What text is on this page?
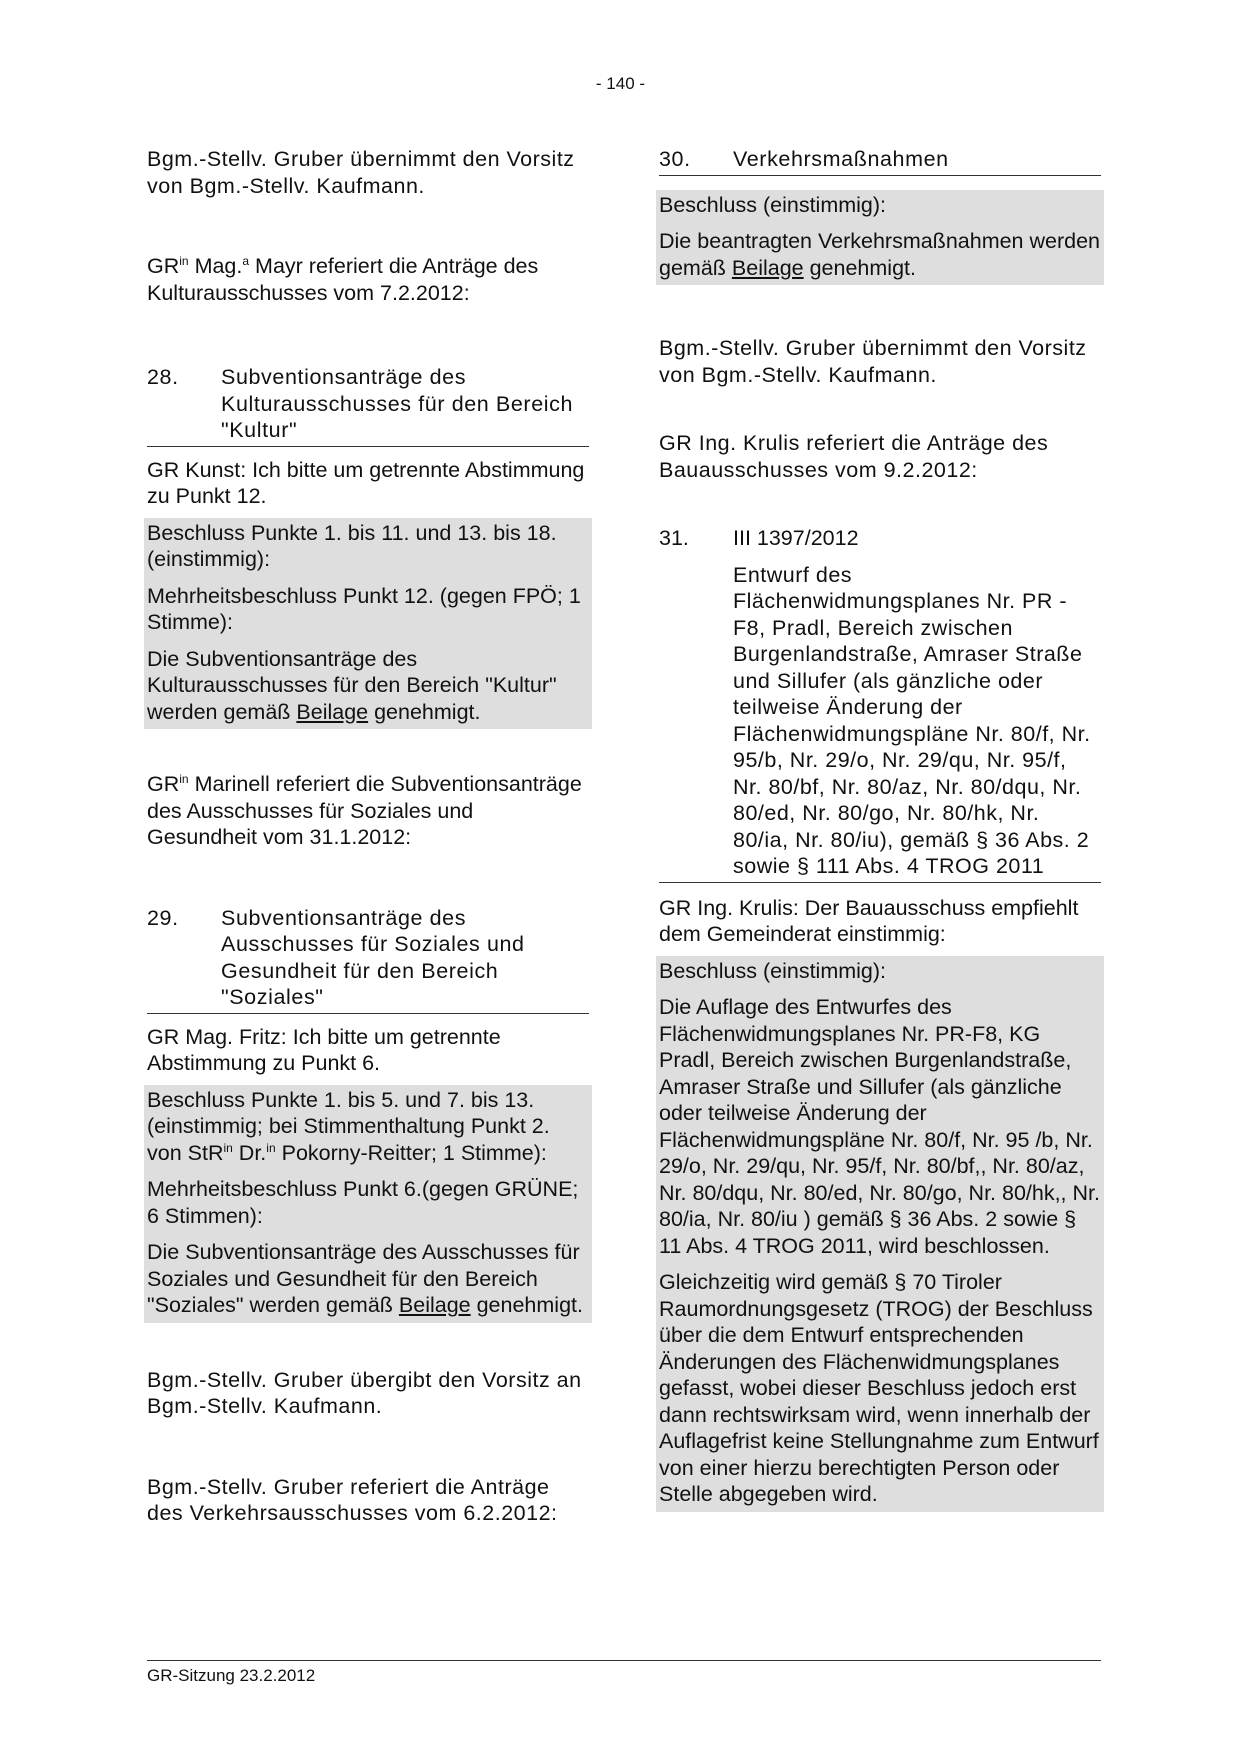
- 140 -

Bgm.-Stellv. Gruber übernimmt den Vorsitz von Bgm.-Stellv. Kaufmann.

$GR^{in}$ Mag.$^a$ Mayr referiert die Anträge des Kulturausschusses vom 7.2.2012:

28.	Subventionsanträge des Kulturausschusses für den Bereich "Kultur"

GR Kunst: Ich bitte um getrennte Abstimmung zu Punkt 12.

Beschluss Punkte 1. bis 11. und 13. bis 18. (einstimmig):

Mehrheitsbeschluss Punkt 12. (gegen FPÖ; 1 Stimme):

Die Subventionsanträge des Kulturausschusses für den Bereich "Kultur" werden gemäß Beilage genehmigt.

$GR^{in}$ Marinell referiert die Subventionsanträge des Ausschusses für Soziales und Gesundheit vom 31.1.2012:

29.	Subventionsanträge des Ausschusses für Soziales und Gesundheit für den Bereich "Soziales"

GR Mag. Fritz: Ich bitte um getrennte Abstimmung zu Punkt 6.

Beschluss Punkte 1. bis 5. und 7. bis 13. (einstimmig; bei Stimmenthaltung Punkt 2. von StR$^{in}$ Dr.$^{in}$ Pokorny-Reitter; 1 Stimme):

Mehrheitsbeschluss Punkt 6.(gegen GRÜNE; 6 Stimmen):

Die Subventionsanträge des Ausschusses für Soziales und Gesundheit für den Bereich "Soziales" werden gemäß Beilage genehmigt.

Bgm.-Stellv. Gruber übergibt den Vorsitz an Bgm.-Stellv. Kaufmann.

Bgm.-Stellv. Gruber referiert die Anträge des Verkehrsausschusses vom 6.2.2012:

30.	Verkehrsmaßnahmen

Beschluss (einstimmig):

Die beantragten Verkehrsmaßnahmen werden gemäß Beilage genehmigt.

Bgm.-Stellv. Gruber übernimmt den Vorsitz von Bgm.-Stellv. Kaufmann.

GR Ing. Krulis referiert die Anträge des Bauausschusses vom 9.2.2012:

31.	III 1397/2012

Entwurf des Flächenwidmungsplanes Nr. PR - F8, Pradl, Bereich zwischen Burgenlandstraße, Amraser Straße und Sillufer (als gänzliche oder teilweise Änderung der Flächenwidmungspläne Nr. 80/f, Nr. 95/b, Nr. 29/o, Nr. 29/qu, Nr. 95/f, Nr. 80/bf, Nr. 80/az, Nr. 80/dqu, Nr. 80/ed, Nr. 80/go, Nr. 80/hk, Nr. 80/ia, Nr. 80/iu), gemäß § 36 Abs. 2 sowie § 111 Abs. 4 TROG 2011

GR Ing. Krulis: Der Bauausschuss empfiehlt dem Gemeinderat einstimmig:

Beschluss (einstimmig):

Die Auflage des Entwurfes des Flächenwidmungsplanes Nr. PR-F8, KG Pradl, Bereich zwischen Burgenlandstraße, Amraser Straße und Sillufer (als gänzliche oder teilweise Änderung der Flächenwidmungspläne Nr. 80/f, Nr. 95 /b, Nr. 29/o, Nr. 29/qu, Nr. 95/f, Nr. 80/bf,, Nr. 80/az, Nr. 80/dqu, Nr. 80/ed, Nr. 80/go, Nr. 80/hk,, Nr. 80/ia, Nr. 80/iu ) gemäß § 36 Abs. 2 sowie § 11 Abs. 4 TROG 2011, wird beschlossen.

Gleichzeitig wird gemäß § 70 Tiroler Raumordnungsgesetz (TROG) der Beschluss über die dem Entwurf entsprechenden Änderungen des Flächenwidmungsplanes gefasst, wobei dieser Beschluss jedoch erst dann rechtswirksam wird, wenn innerhalb der Auflagefrist keine Stellungnahme zum Entwurf von einer hierzu berechtigten Person oder Stelle abgegeben wird.

GR-Sitzung 23.2.2012
